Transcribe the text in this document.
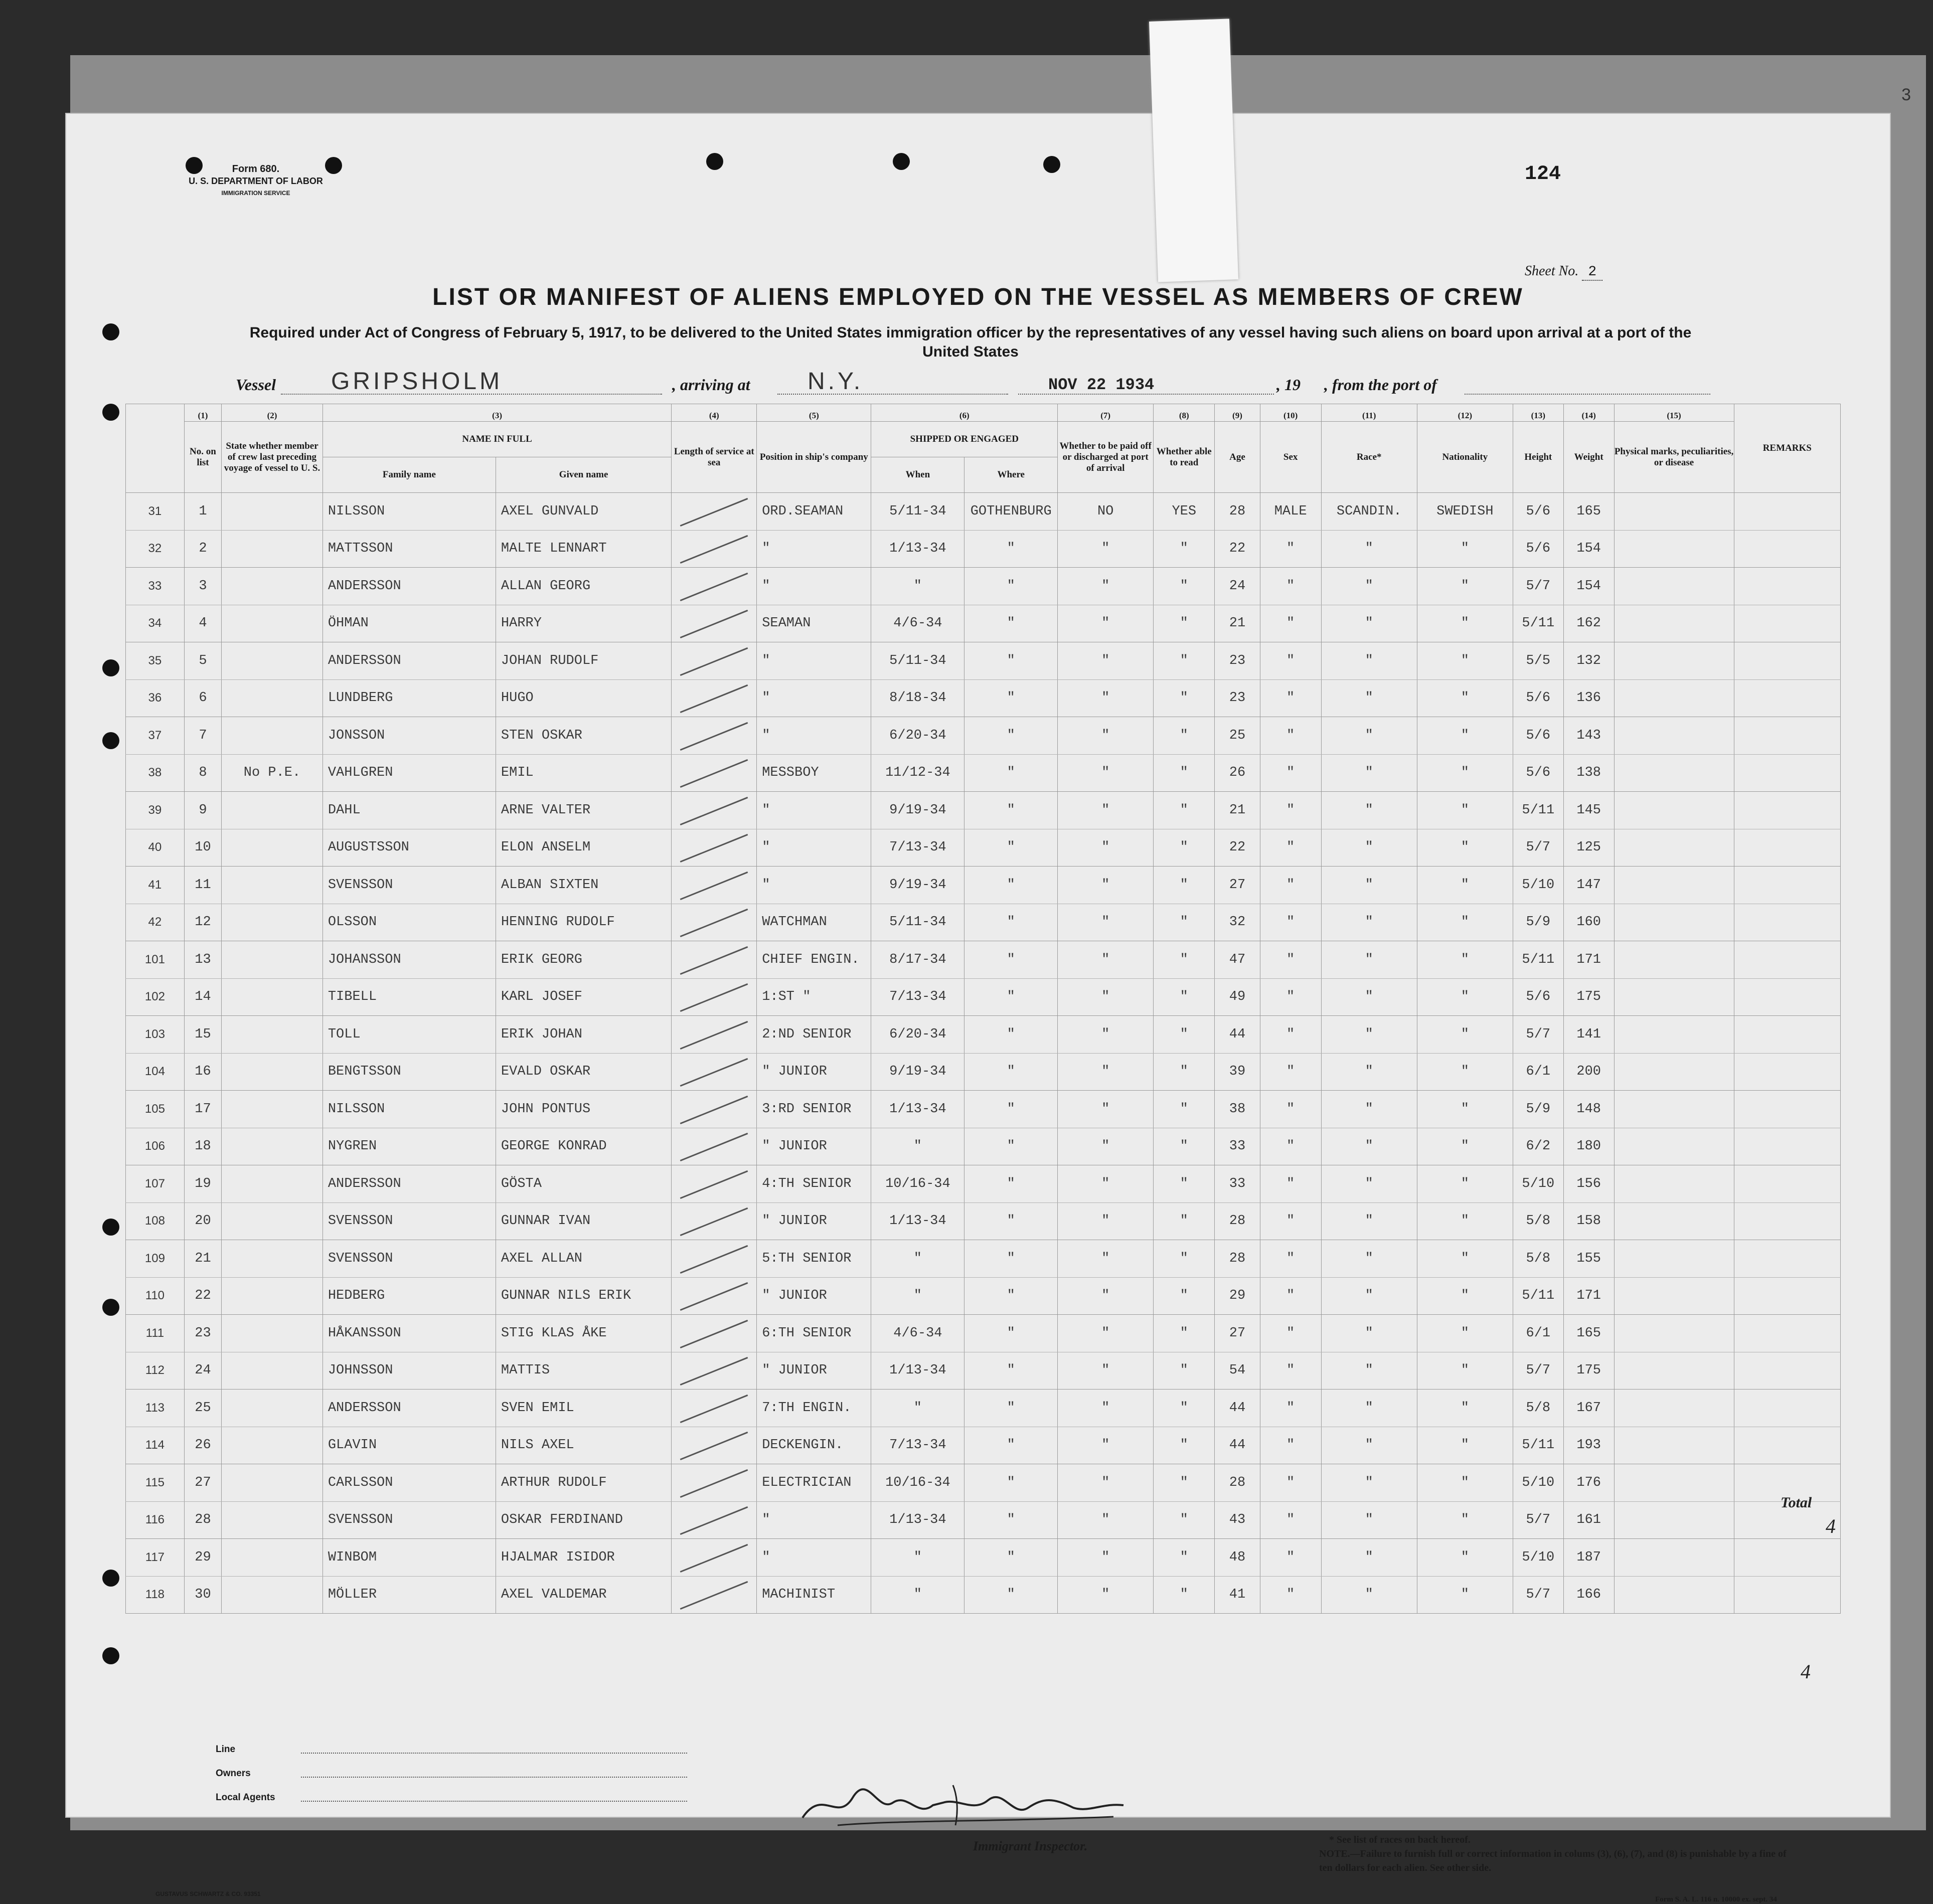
3
Form 680.
U. S. DEPARTMENT OF LABOR
IMMIGRATION SERVICE
124
Sheet No. 2
LIST OR MANIFEST OF ALIENS EMPLOYED ON THE VESSEL AS MEMBERS OF CREW
Required under Act of Congress of February 5, 1917, to be delivered to the United States immigration officer by the representatives of any vessel having such aliens on board upon arrival at a port of the United States
Vessel GRIPSHOLM	, arriving at N.Y.	NOV 22 1934	, 19 , from the port of
	(1)	(2)	(3)		(4)	(5)	(6)		(7)	(8)	(9)	(10)	(11)	(12)	(13)	(14)	(15)	REMARKS
	No. on list	State whether member of crew last preceding voyage of vessel to U. S.	NAME IN FULL		Length of service at sea	Position in ship's company	SHIPPED OR ENGAGED		Whether to be paid off or discharged at port of arrival	Whether able to read	Age	Sex	Race*	Nationality	Height	Weight	Physical marks, peculiarities, or disease	
			Family name	Given name			When	Where										
31	1		NILSSON	AXEL GUNVALD		ORD.SEAMAN	5/11-34	GOTHENBURG	NO	YES	28	MALE	SCANDIN.	SWEDISH	5/6	165		
32	2		MATTSSON	MALTE LENNART		"	1/13-34	"	"	"	22	"	"	"	5/6	154		
33	3		ANDERSSON	ALLAN GEORG		"	"	"	"	"	24	"	"	"	5/7	154		
34	4		ÖHMAN	HARRY		SEAMAN	4/6-34	"	"	"	21	"	"	"	5/11	162		
35	5		ANDERSSON	JOHAN RUDOLF		"	5/11-34	"	"	"	23	"	"	"	5/5	132		
36	6		LUNDBERG	HUGO		"	8/18-34	"	"	"	23	"	"	"	5/6	136		
37	7		JONSSON	STEN OSKAR		"	6/20-34	"	"	"	25	"	"	"	5/6	143		
38	8	No P.E.	VAHLGREN	EMIL		MESSBOY	11/12-34	"	"	"	26	"	"	"	5/6	138		
39	9		DAHL	ARNE VALTER		"	9/19-34	"	"	"	21	"	"	"	5/11	145		
40	10		AUGUSTSSON	ELON ANSELM		"	7/13-34	"	"	"	22	"	"	"	5/7	125		
41	11		SVENSSON	ALBAN SIXTEN		"	9/19-34	"	"	"	27	"	"	"	5/10	147		
42	12		OLSSON	HENNING RUDOLF		WATCHMAN	5/11-34	"	"	"	32	"	"	"	5/9	160		
101	13		JOHANSSON	ERIK GEORG		CHIEF ENGIN.	8/17-34	"	"	"	47	"	"	"	5/11	171		
102	14		TIBELL	KARL JOSEF		1:ST "	7/13-34	"	"	"	49	"	"	"	5/6	175		
103	15		TOLL	ERIK JOHAN		2:ND SENIOR	6/20-34	"	"	"	44	"	"	"	5/7	141		
104	16		BENGTSSON	EVALD OSKAR		" JUNIOR	9/19-34	"	"	"	39	"	"	"	6/1	200		
105	17		NILSSON	JOHN PONTUS		3:RD SENIOR	1/13-34	"	"	"	38	"	"	"	5/9	148		
106	18		NYGREN	GEORGE KONRAD		" JUNIOR	"	"	"	"	33	"	"	"	6/2	180		
107	19		ANDERSSON	GÖSTA		4:TH SENIOR	10/16-34	"	"	"	33	"	"	"	5/10	156		
108	20		SVENSSON	GUNNAR IVAN		" JUNIOR	1/13-34	"	"	"	28	"	"	"	5/8	158		
109	21		SVENSSON	AXEL ALLAN		5:TH SENIOR	"	"	"	"	28	"	"	"	5/8	155		
110	22		HEDBERG	GUNNAR NILS ERIK		" JUNIOR	"	"	"	"	29	"	"	"	5/11	171		
111	23		HÅKANSSON	STIG KLAS ÅKE		6:TH SENIOR	4/6-34	"	"	"	27	"	"	"	6/1	165		
112	24		JOHNSSON	MATTIS		" JUNIOR	1/13-34	"	"	"	54	"	"	"	5/7	175		
113	25		ANDERSSON	SVEN EMIL		7:TH ENGIN.	"	"	"	"	44	"	"	"	5/8	167		
114	26		GLAVIN	NILS AXEL		DECKENGIN.	7/13-34	"	"	"	44	"	"	"	5/11	193		
115	27		CARLSSON	ARTHUR RUDOLF		ELECTRICIAN	10/16-34	"	"	"	28	"	"	"	5/10	176		
116	28		SVENSSON	OSKAR FERDINAND		"	1/13-34	"	"	"	43	"	"	"	5/7	161		
117	29		WINBOM	HJALMAR ISIDOR		"	"	"	"	"	48	"	"	"	5/10	187		
118	30		MÖLLER	AXEL VALDEMAR		MACHINIST	"	"	"	"	41	"	"	"	5/7	166		
Line
Owners
Local Agents
Immigrant Inspector.	* See list of races on back hereof.
NOTE.—Failure to furnish full or correct information in colums (3), (6), (7), and (8) is punishable by a fine of ten dollars for each alien. See other side.
GUSTAVUS SCHWARTZ & CO. 93351
Form S. A. L. 116 n. 10000 ex. sept. 34
Total
4
4
